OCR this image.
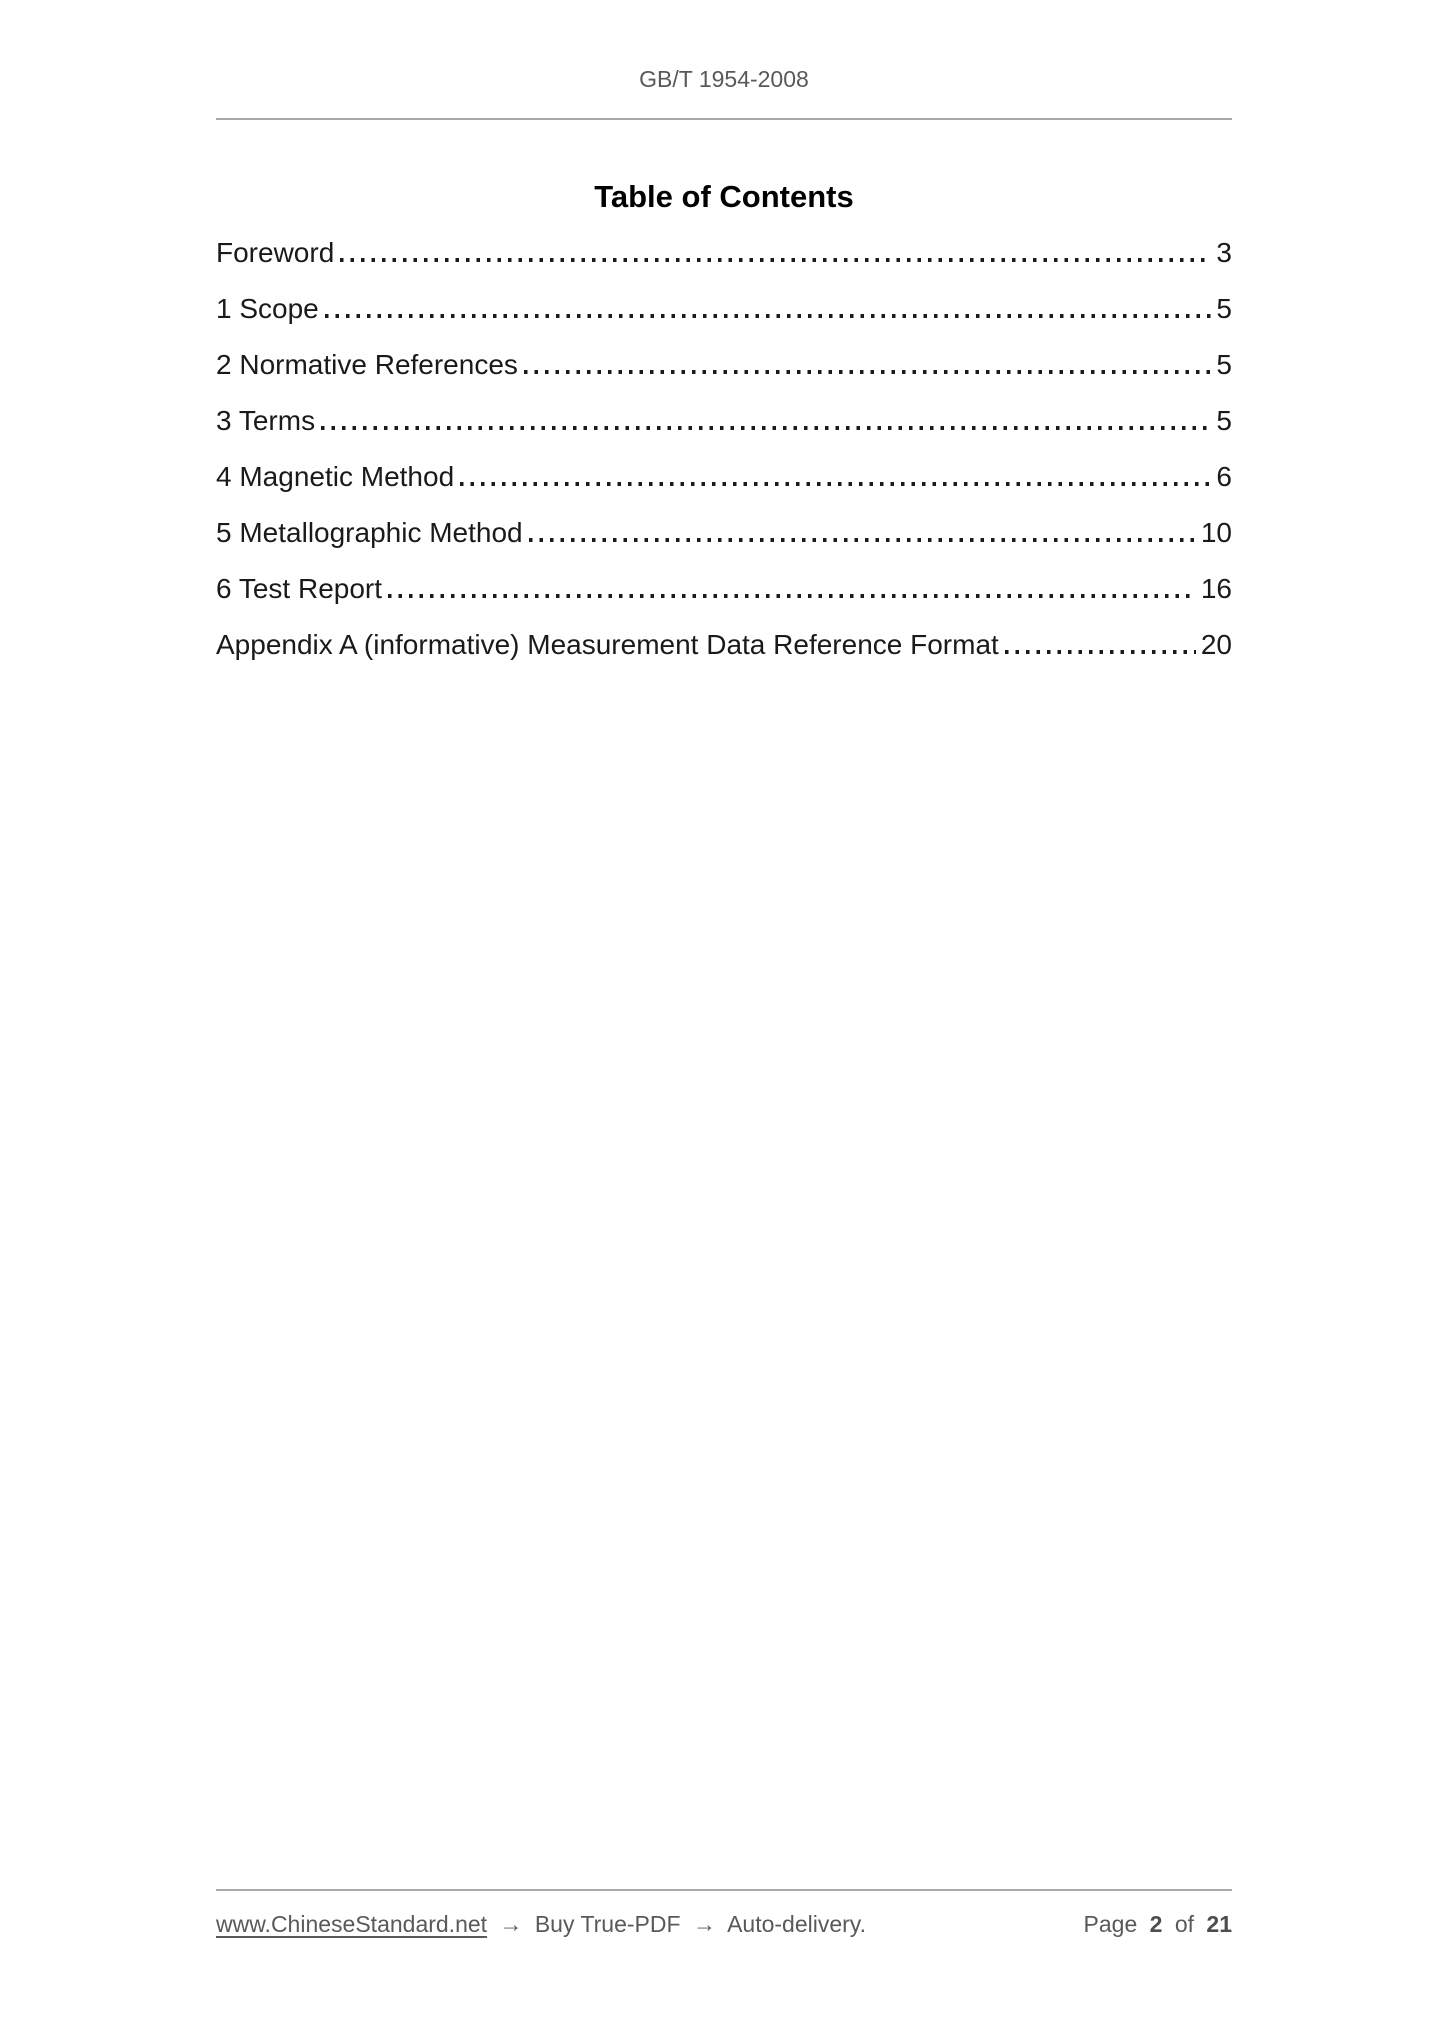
GB/T 1954-2008
Table of Contents
Foreword	3
1 Scope	5
2 Normative References	5
3 Terms	5
4 Magnetic Method	6
5 Metallographic Method	10
6 Test Report	16
Appendix A (informative) Measurement Data Reference Format	20
www.ChineseStandard.net → Buy True-PDF → Auto-delivery.	Page 2 of 21
